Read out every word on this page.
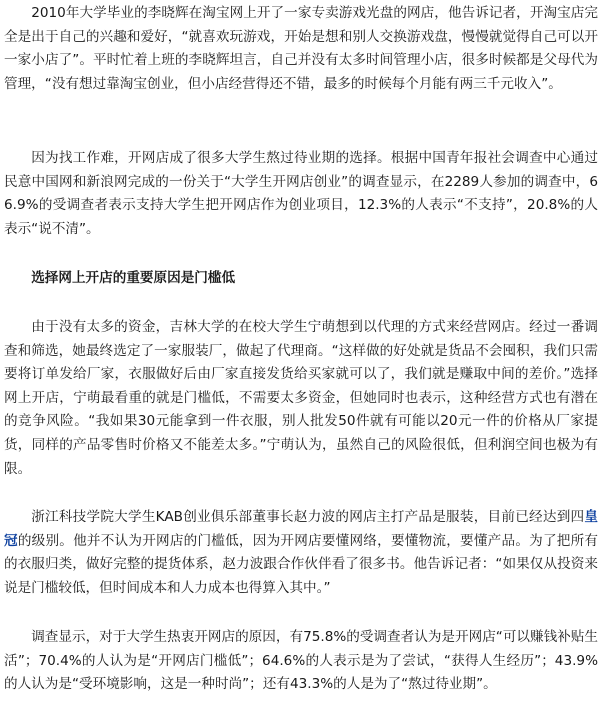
2010年大学毕业的李晓辉在淘宝网上开了一家专卖游戏光盘的网店，他告诉记者，开淘宝店完全是出于自己的兴趣和爱好，“就喜欢玩游戏，开始是想和别人交换游戏盘，慢慢就觉得自己可以开一家小店了”。平时忙着上班的李晓辉坦言，自己并没有太多时间管理小店，很多时候都是父母代为管理，“没有想过靠淘宝创业，但小店经营得还不错，最多的时候每个月能有两三千元收入”。

因为找工作难，开网店成了很多大学生熬过待业期的选择。根据中国青年报社会调查中心通过民意中国网和新浪网完成的一份关于“大学生开网店创业”的调查显示，在2289人参加的调查中，66.9%的受调查者表示支持大学生把开网店作为创业项目，12.3%的人表示“不支持”，20.8%的人表示“说不清”。

选择网上开店的重要原因是门槛低

由于没有太多的资金，吉林大学的在校大学生宁萌想到以代理的方式来经营网店。经过一番调查和筛选，她最终选定了一家服装厂，做起了代理商。“这样做的好处就是货品不会囤积，我们只需要将订单发给厂家，衣服做好后由厂家直接发货给买家就可以了，我们就是赚取中间的差价。”选择网上开店，宁萌最看重的就是门槛低，不需要太多资金，但她同时也表示，这种经营方式也有潜在的竞争风险。“我如果30元能拿到一件衣服，别人批发50件就有可能以20元一件的价格从厂家提货，同样的产品零售时价格又不能差太多。”宁萌认为，虽然自己的风险很低，但利润空间也极为有限。

浙江科技学院大学生KAB创业俱乐部董事长赵力波的网店主打产品是服装，目前已经达到四皇冠的级别。他并不认为开网店的门槛低，因为开网店要懂网络，要懂物流，要懂产品。为了把所有的衣服归类，做好完整的提货体系，赵力波跟合作伙伴看了很多书。他告诉记者：“如果仅从投资来说是门槛较低，但时间成本和人力成本也得算入其中。”

调查显示，对于大学生热衷开网店的原因，有75.8%的受调查者认为是开网店“可以赚钱补贴生活”；70.4%的人认为是“开网店门槛低”；64.6%的人表示是为了尝试，“获得人生经历”；43.9%的人认为是“受环境影响，这是一种时尚”；还有43.3%的人是为了“熬过待业期”。
